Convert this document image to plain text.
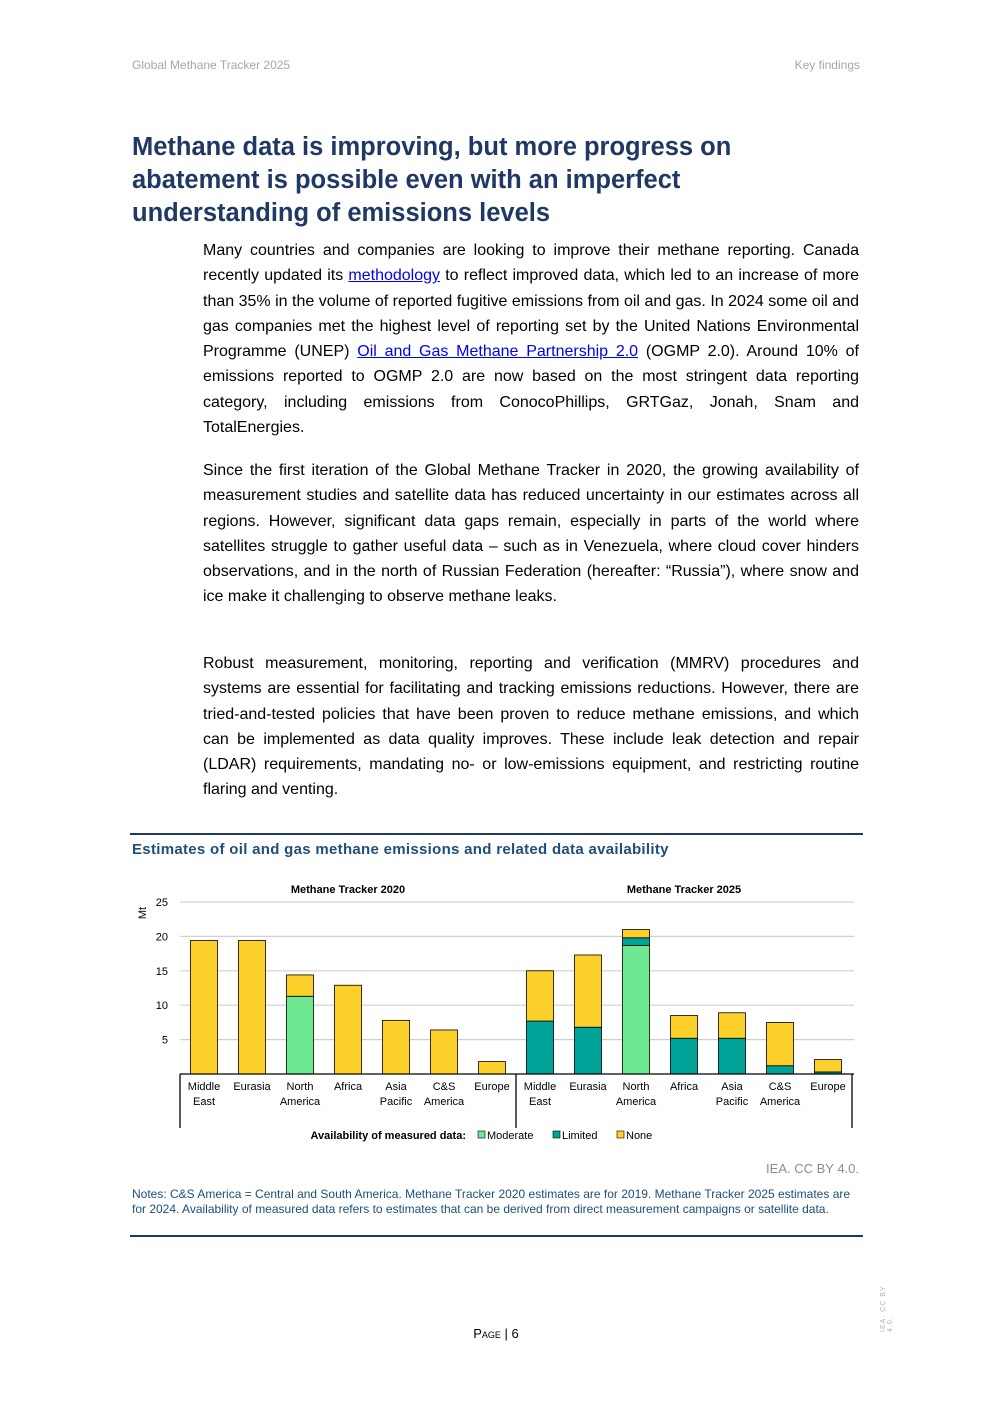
Global Methane Tracker 2025	Key findings
Methane data is improving, but more progress on abatement is possible even with an imperfect understanding of emissions levels

Many countries and companies are looking to improve their methane reporting. Canada recently updated its methodology to reflect improved data, which led to an increase of more than 35% in the volume of reported fugitive emissions from oil and gas. In 2024 some oil and gas companies met the highest level of reporting set by the United Nations Environmental Programme (UNEP) Oil and Gas Methane Partnership 2.0 (OGMP 2.0). Around 10% of emissions reported to OGMP 2.0 are now based on the most stringent data reporting category, including emissions from ConocoPhillips, GRTGaz, Jonah, Snam and TotalEnergies.

Since the first iteration of the Global Methane Tracker in 2020, the growing availability of measurement studies and satellite data has reduced uncertainty in our estimates across all regions. However, significant data gaps remain, especially in parts of the world where satellites struggle to gather useful data – such as in Venezuela, where cloud cover hinders observations, and in the north of Russian Federation (hereafter: “Russia”), where snow and ice make it challenging to observe methane leaks.

Robust measurement, monitoring, reporting and verification (MMRV) procedures and systems are essential for facilitating and tracking emissions reductions. However, there are tried-and-tested policies that have been proven to reduce methane emissions, and which can be implemented as data quality improves. These include leak detection and repair (LDAR) requirements, mandating no- or low-emissions equipment, and restricting routine flaring and venting.

Estimates of oil and gas methane emissions and related data availability
5
10
15
20
25
Mt
Methane Tracker 2020
Middle
East
Eurasia North
America
Africa Asia
Pacific
C&S
America
Europe
Methane Tracker 2025
Middle
East
Eurasia North
America
Africa Asia
Pacific
C&S
America
Europe
Availability of measured data: Moderate	Limited	None
IEA. CC BY 4.0.

Notes: C&S America = Central and South America. Methane Tracker 2020 estimates are for 2019. Methane Tracker 2025 estimates are for 2024. Availability of measured data refers to estimates that can be derived from direct measurement campaigns or satellite data.

Page | 6
IEA. CC BY 4.0.
